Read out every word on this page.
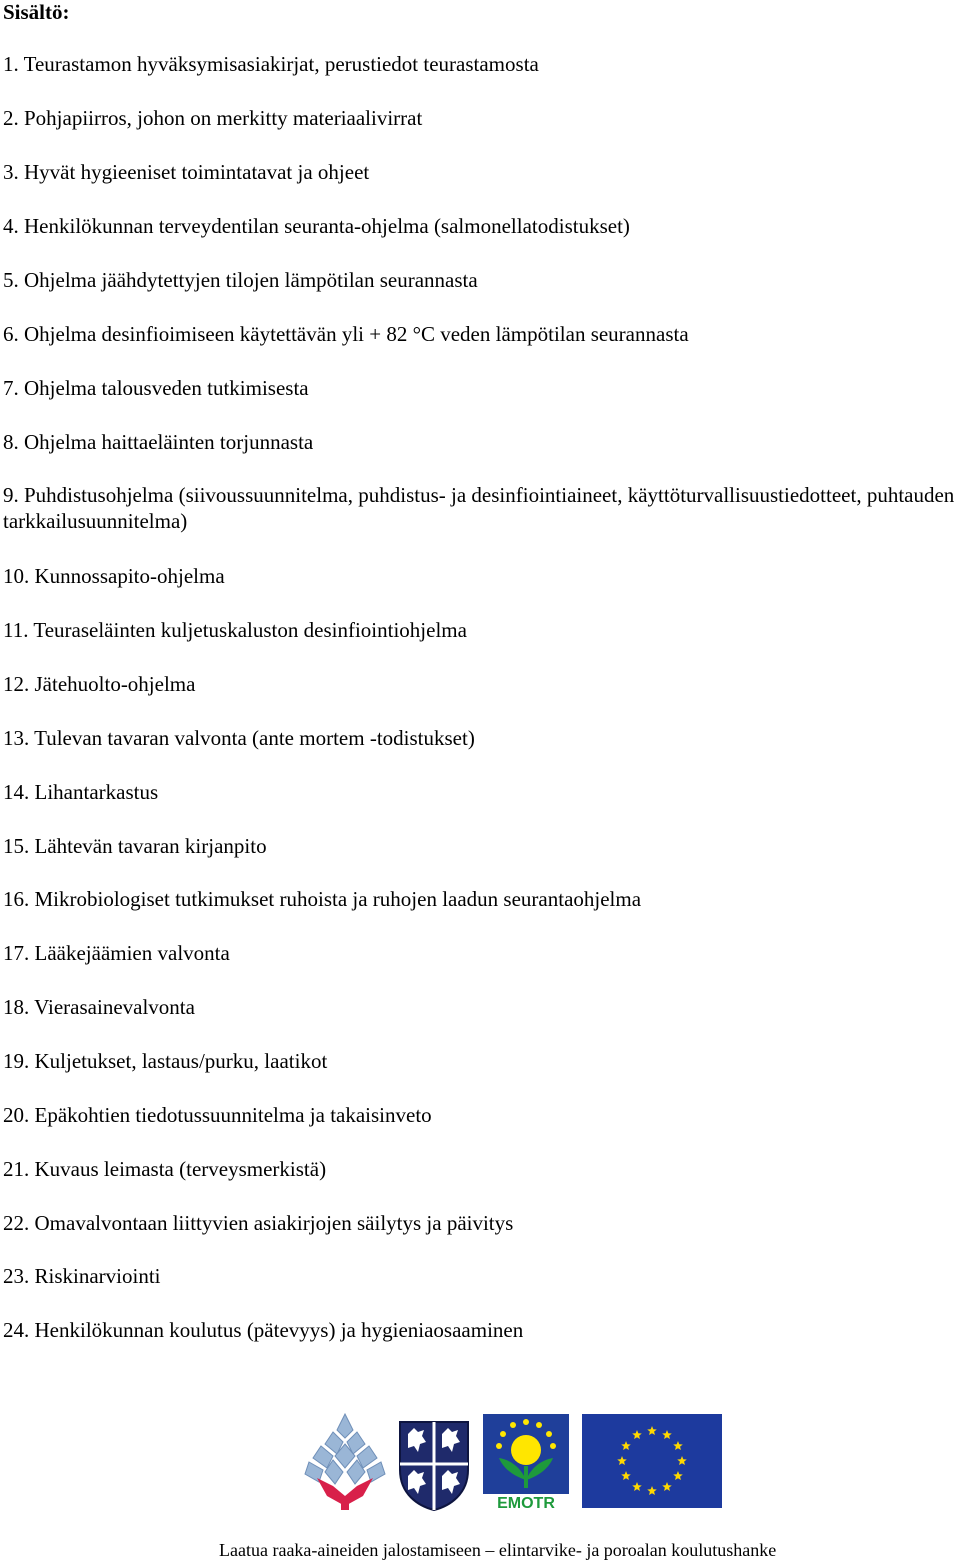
Sisältö:
1. Teurastamon hyväksymisasiakirjat, perustiedot teurastamosta
2. Pohjapiirros, johon on merkitty materiaalivirrat
3. Hyvät hygieeniset toimintatavat ja ohjeet
4. Henkilökunnan terveydentilan seuranta-ohjelma (salmonellatodistukset)
5. Ohjelma jäähdytettyjen tilojen lämpötilan seurannasta
6. Ohjelma desinfioimiseen käytettävän yli + 82 °C veden lämpötilan seurannasta
7. Ohjelma talousveden tutkimisesta
8. Ohjelma haittaeläinten torjunnasta
9. Puhdistusohjelma (siivoussuunnitelma, puhdistus- ja desinfiointiaineet, käyttöturvallisuustiedotteet, puhtauden tarkkailusuunnitelma)
10. Kunnossapito-ohjelma
11. Teuraseläinten kuljetuskaluston desinfiointiohjelma
12. Jätehuolto-ohjelma
13. Tulevan tavaran valvonta (ante mortem -todistukset)
14. Lihantarkastus
15. Lähtevän tavaran kirjanpito
16. Mikrobiologiset tutkimukset ruhoista ja ruhojen laadun seurantaohjelma
17. Lääkejäämien valvonta
18. Vierasainevalvonta
19. Kuljetukset, lastaus/purku, laatikot
20. Epäkohtien tiedotussuunnitelma ja takaisinveto
21. Kuvaus leimasta (terveysmerkistä)
22. Omavalvontaan liittyvien asiakirjojen säilytys ja päivitys
23. Riskinarviointi
24. Henkilökunnan koulutus (pätevyys) ja hygieniaosaaminen
EMOTR
Laatua raaka-aineiden jalostamiseen – elintarvike- ja poroalan koulutushanke
